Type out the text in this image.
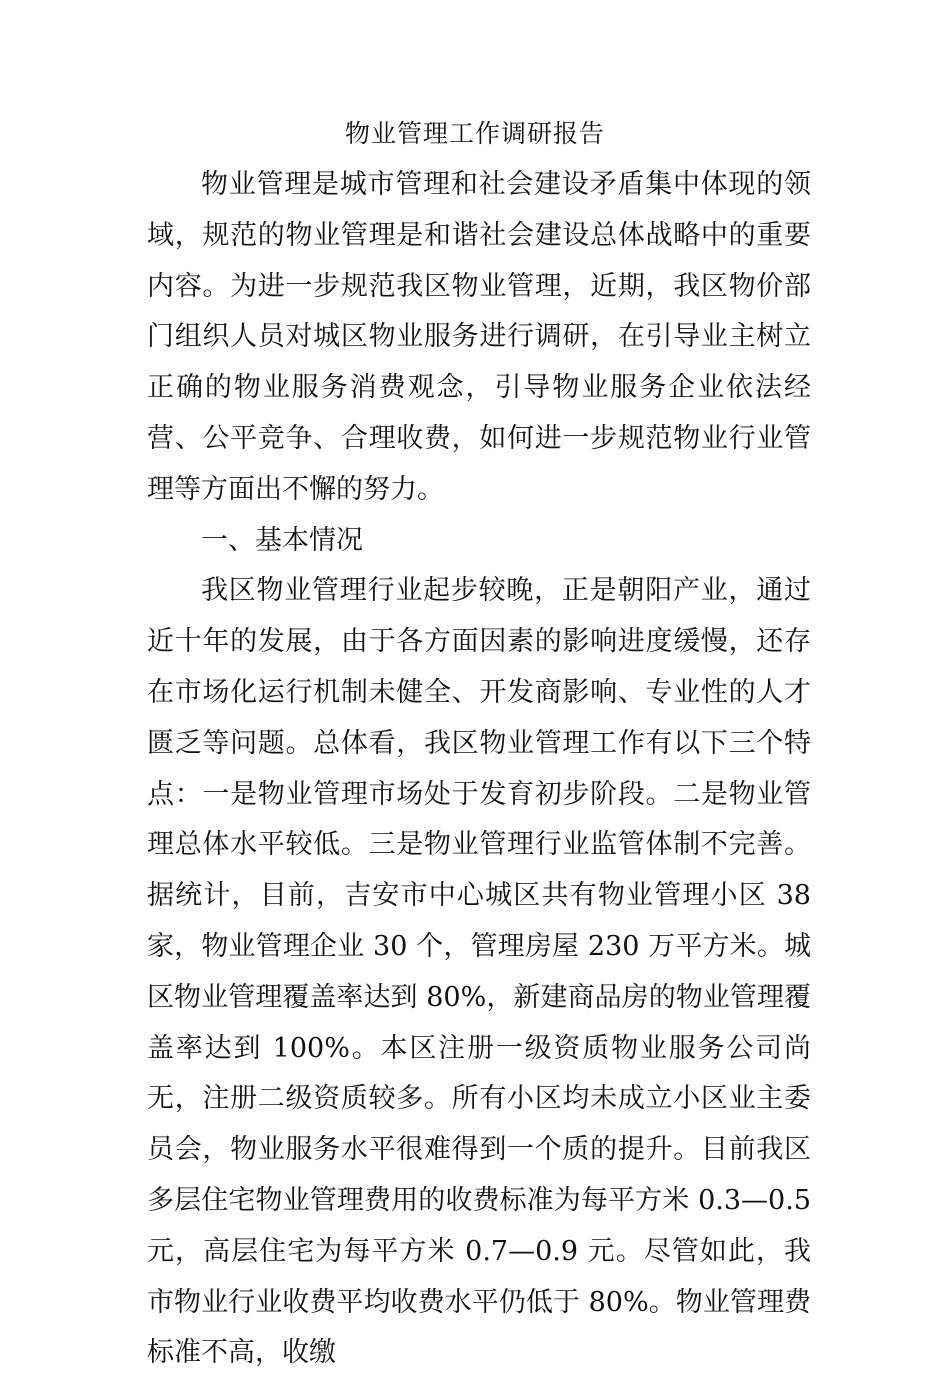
物业管理工作调研报告

物业管理是城市管理和社会建设矛盾集中体现的领域，规范的物业管理是和谐社会建设总体战略中的重要内容。为进一步规范我区物业管理，近期，我区物价部门组织人员对城区物业服务进行调研，在引导业主树立正确的物业服务消费观念，引导物业服务企业依法经营、公平竞争、合理收费，如何进一步规范物业行业管理等方面出不懈的努力。

一、基本情况

我区物业管理行业起步较晚，正是朝阳产业，通过近十年的发展，由于各方面因素的影响进度缓慢，还存在市场化运行机制未健全、开发商影响、专业性的人才匮乏等问题。总体看，我区物业管理工作有以下三个特点：一是物业管理市场处于发育初步阶段。二是物业管理总体水平较低。三是物业管理行业监管体制不完善。据统计，目前，吉安市中心城区共有物业管理小区 38 家，物业管理企业 30 个，管理房屋 230 万平方米。城区物业管理覆盖率达到 80%，新建商品房的物业管理覆盖率达到 100%。本区注册一级资质物业服务公司尚无，注册二级资质较多。所有小区均未成立小区业主委员会，物业服务水平很难得到一个质的提升。目前我区多层住宅物业管理费用的收费标准为每平方米 0.3—0.5 元，高层住宅为每平方米 0.7—0.9 元。尽管如此，我市物业行业收费平均收费水平仍低于 80%。物业管理费标准不高，收缴
